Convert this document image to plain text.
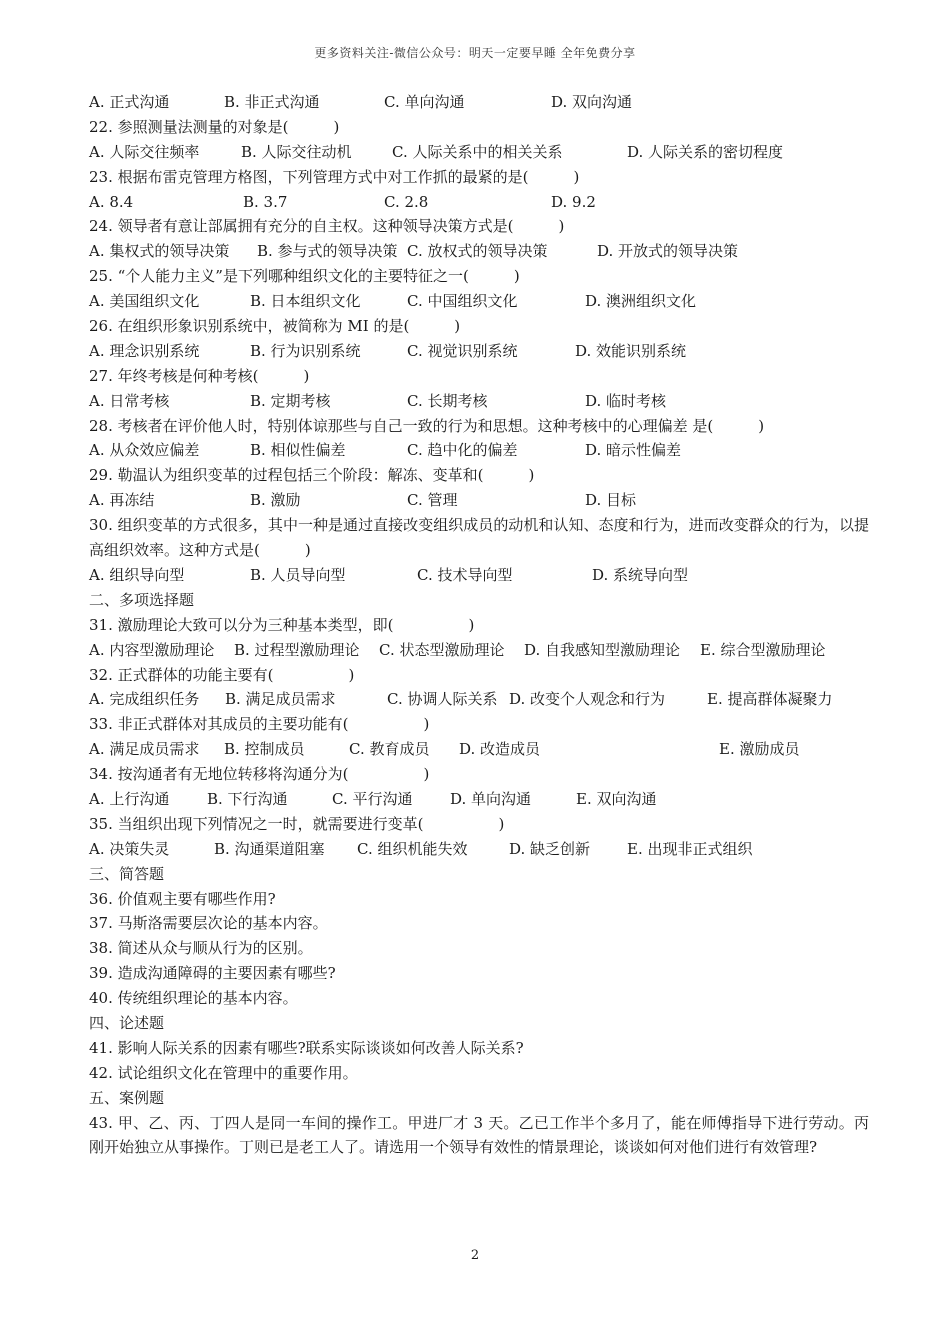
更多资料关注-微信公众号：明天一定要早睡 全年免费分享
A. 正式沟通	B. 非正式沟通	C. 单向沟通	D. 双向沟通
22. 参照测量法测量的对象是(　　　)
A. 人际交往频率	B. 人际交往动机	C. 人际关系中的相关关系	D. 人际关系的密切程度
23. 根据布雷克管理方格图，下列管理方式中对工作抓的最紧的是(　　　)
A. 8.4	B. 3.7	C. 2.8	D. 9.2
24. 领导者有意让部属拥有充分的自主权。这种领导决策方式是(　　　)
A. 集权式的领导决策 B. 参与式的领导决策 C. 放权式的领导决策	D. 开放式的领导决策
25. “个人能力主义”是下列哪种组织文化的主要特征之一(　　　)
A. 美国组织文化	B. 日本组织文化	C. 中国组织文化	D. 澳洲组织文化
26. 在组织形象识别系统中，被简称为 MI 的是(　　　)
A. 理念识别系统	B. 行为识别系统	C. 视觉识别系统	D. 效能识别系统
27. 年终考核是何种考核(　　　)
A. 日常考核	B. 定期考核	C. 长期考核	D. 临时考核
28. 考核者在评价他人时，特别体谅那些与自己一致的行为和思想。这种考核中的心理偏差 是(　　　)
A. 从众效应偏差	B. 相似性偏差	C. 趋中化的偏差	D. 暗示性偏差
29. 勒温认为组织变革的过程包括三个阶段：解冻、变革和(　　　)
A. 再冻结	B. 激励	C. 管理	D. 目标
30. 组织变革的方式很多，其中一种是通过直接改变组织成员的动机和认知、态度和行为，进而改变群众的行为，以提高组织效率。这种方式是(　　　)
A. 组织导向型	B. 人员导向型	C. 技术导向型	D. 系统导向型
二、多项选择题
31. 激励理论大致可以分为三种基本类型，即(　　　　　)
A. 内容型激励理论 B. 过程型激励理论 C. 状态型激励理论 D. 自我感知型激励理论 E. 综合型激励理论
32. 正式群体的功能主要有(　　　　　)
A. 完成组织任务 B. 满足成员需求	C. 协调人际关系 D. 改变个人观念和行为	E. 提高群体凝聚力
33. 非正式群体对其成员的主要功能有(　　　　　)
A. 满足成员需求 B. 控制成员	C. 教育成员 D. 改造成员	E. 激励成员
34. 按沟通者有无地位转移将沟通分为(　　　　　)
A. 上行沟通	B. 下行沟通	C. 平行沟通	D. 单向沟通	E. 双向沟通
35. 当组织出现下列情况之一时，就需要进行变革(　　　　　)
A. 决策失灵	B. 沟通渠道阻塞 C. 组织机能失效	D. 缺乏创新 E. 出现非正式组织
三、简答题
36. 价值观主要有哪些作用?
37. 马斯洛需要层次论的基本内容。
38. 简述从众与顺从行为的区别。
39. 造成沟通障碍的主要因素有哪些?
40. 传统组织理论的基本内容。
四、论述题
41. 影响人际关系的因素有哪些?联系实际谈谈如何改善人际关系?
42. 试论组织文化在管理中的重要作用。
五、案例题
43. 甲、乙、丙、丁四人是同一车间的操作工。甲进厂才 3 天。乙已工作半个多月了，能在师傅指导下进行劳动。丙刚开始独立从事操作。丁则已是老工人了。请选用一个领导有效性的情景理论，谈谈如何对他们进行有效管理?
2
